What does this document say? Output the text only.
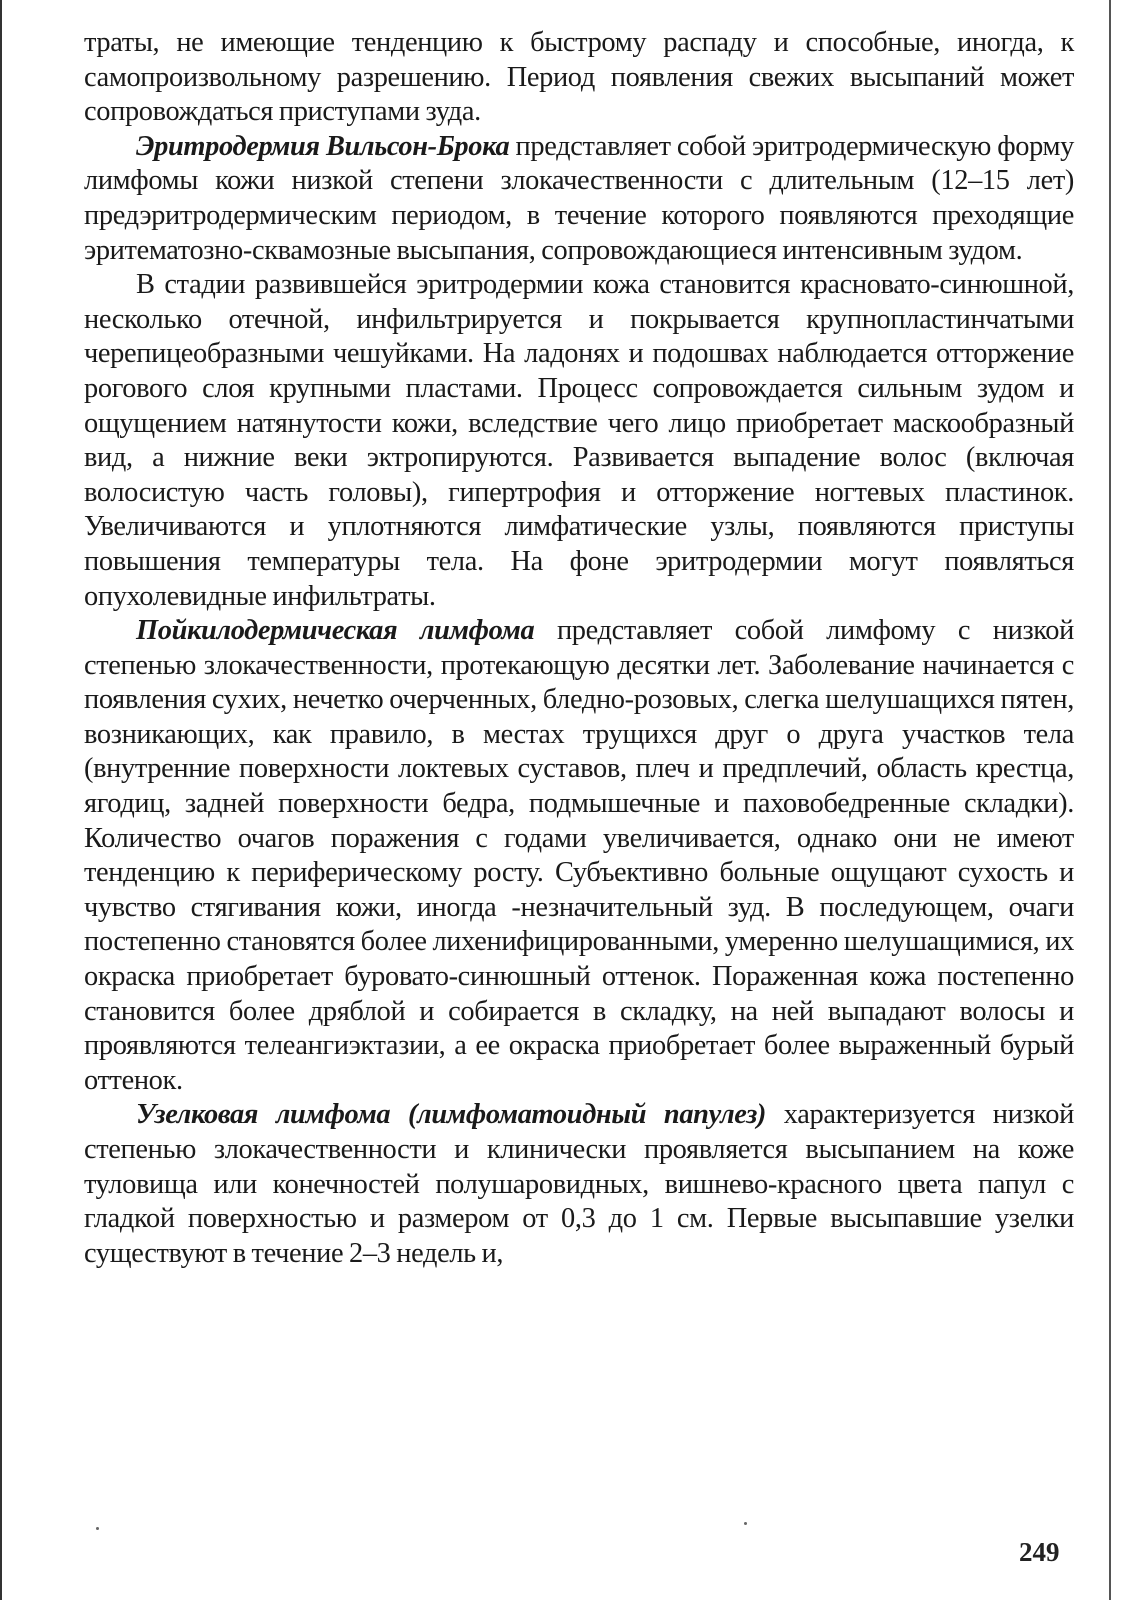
траты, не имеющие тенденцию к быстрому распаду и способные, иногда, к самопроизвольному разрешению. Период появления свежих высыпаний может сопровождаться приступами зуда.

Эритродермия Вильсон-Брока представляет собой эритродермическую форму лимфомы кожи низкой степени злокачественности с длительным (12–15 лет) предэритродермическим периодом, в течение которого появляются преходящие эритематозно-сквамозные высыпания, сопровождающиеся интенсивным зудом.

В стадии развившейся эритродермии кожа становится красновато-синюшной, несколько отечной, инфильтрируется и покрывается крупнопластинчатыми черепицеобразными чешуйками. На ладонях и подошвах наблюдается отторжение рогового слоя крупными пластами. Процесс сопровождается сильным зудом и ощущением натянутости кожи, вследствие чего лицо приобретает маскообразный вид, а нижние веки эктропируются. Развивается выпадение волос (включая волосистую часть головы), гипертрофия и отторжение ногтевых пластинок. Увеличиваются и уплотняются лимфатические узлы, появляются приступы повышения температуры тела. На фоне эритродермии могут появляться опухолевидные инфильтраты.

Пойкилодермическая лимфома представляет собой лимфому с низкой степенью злокачественности, протекающую десятки лет. Заболевание начинается с появления сухих, нечетко очерченных, бледно-розовых, слегка шелушащихся пятен, возникающих, как правило, в местах трущихся друг о друга участков тела (внутренние поверхности локтевых суставов, плеч и предплечий, область крестца, ягодиц, задней поверхности бедра, подмышечные и паховобедренные складки). Количество очагов поражения с годами увеличивается, однако они не имеют тенденцию к периферическому росту. Субъективно больные ощущают сухость и чувство стягивания кожи, иногда -незначительный зуд. В последующем, очаги постепенно становятся более лихенифицированными, умеренно шелушащимися, их окраска приобретает буровато-синюшный оттенок. Пораженная кожа постепенно становится более дряблой и собирается в складку, на ней выпадают волосы и проявляются телеангиэктазии, а ее окраска приобретает более выраженный бурый оттенок.

Узелковая лимфома (лимфоматоидный папулез) характеризуется низкой степенью злокачественности и клинически проявляется высыпанием на коже туловища или конечностей полушаровидных, вишнево-красного цвета папул с гладкой поверхностью и размером от 0,3 до 1 см. Первые высыпавшие узелки существуют в течение 2–3 недель и,

249
